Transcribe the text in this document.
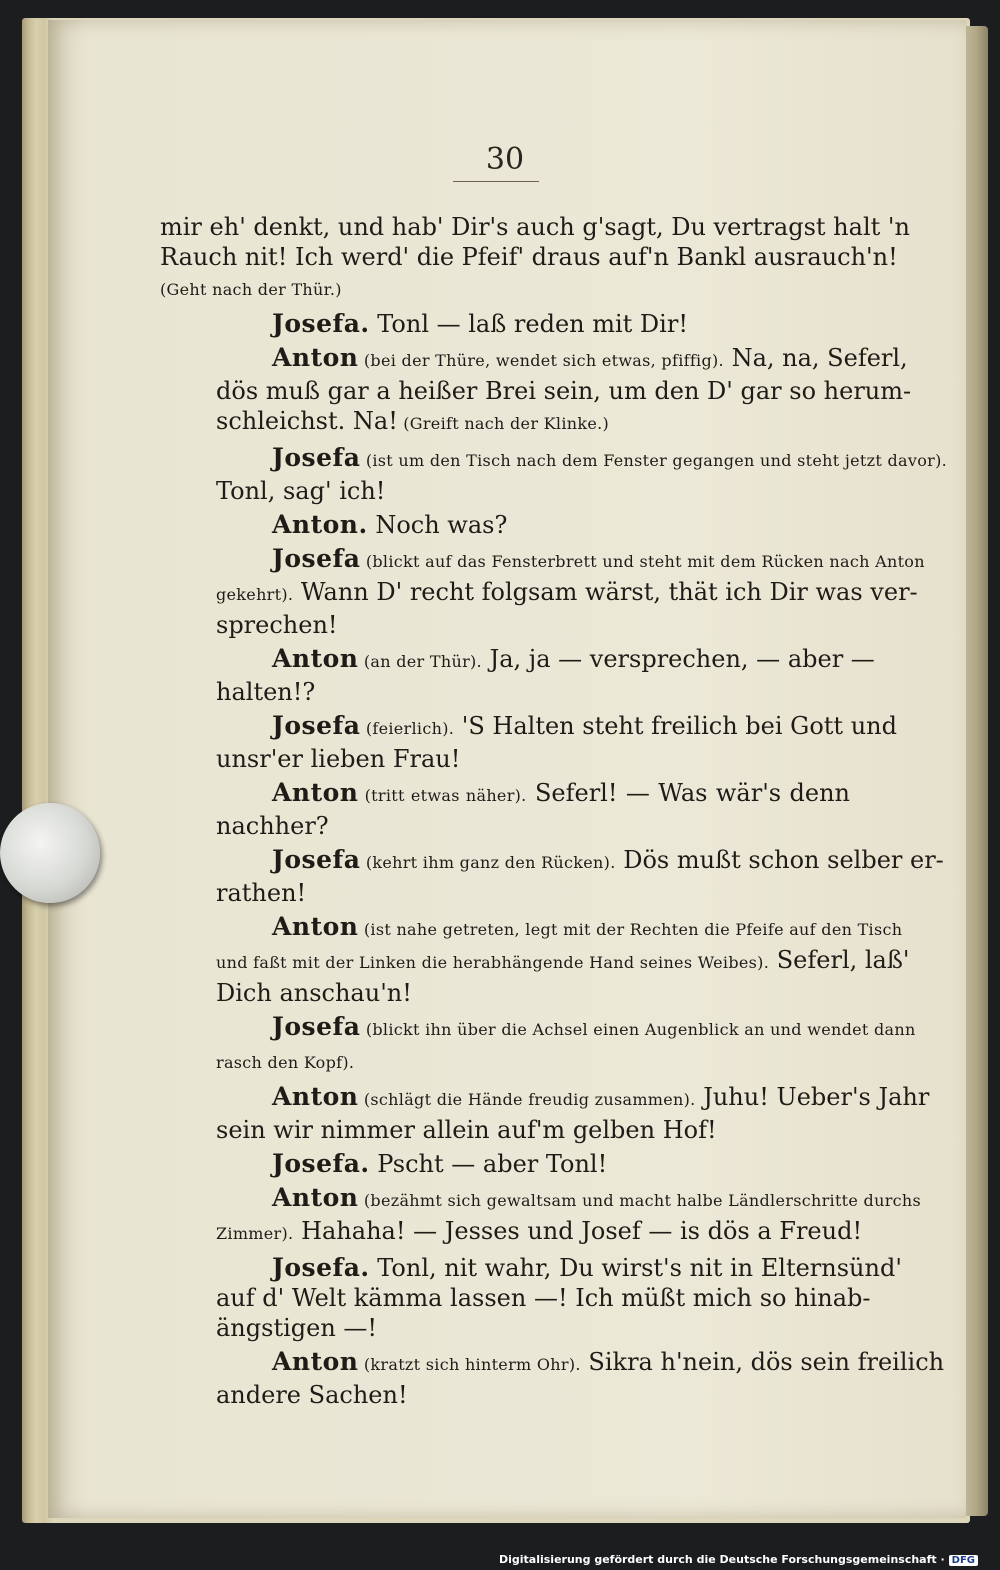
30
mir eh' denkt, und hab' Dir's auch g'sagt, Du vertragst halt 'n
Rauch nit! Ich werd' die Pfeif' draus auf'n Bankl ausrauch'n!
(Geht nach der Thür.)
Josefa. Tonl — laß reden mit Dir!
Anton (bei der Thüre, wendet sich etwas, pfiffig). Na, na, Seferl,
dös muß gar a heißer Brei sein, um den D' gar so herum-
schleichst. Na! (Greift nach der Klinke.)
Josefa (ist um den Tisch nach dem Fenster gegangen und steht jetzt davor).
Tonl, sag' ich!
Anton. Noch was?
Josefa (blickt auf das Fensterbrett und steht mit dem Rücken nach Anton
gekehrt). Wann D' recht folgsam wärst, thät ich Dir was ver-
sprechen!
Anton (an der Thür). Ja, ja — versprechen, — aber —
halten!?
Josefa (feierlich). 'S Halten steht freilich bei Gott und
unsr'er lieben Frau!
Anton (tritt etwas näher). Seferl! — Was wär's denn
nachher?
Josefa (kehrt ihm ganz den Rücken). Dös mußt schon selber er-
rathen!
Anton (ist nahe getreten, legt mit der Rechten die Pfeife auf den Tisch
und faßt mit der Linken die herabhängende Hand seines Weibes). Seferl, laß'
Dich anschau'n!
Josefa (blickt ihn über die Achsel einen Augenblick an und wendet dann
rasch den Kopf).
Anton (schlägt die Hände freudig zusammen). Juhu! Ueber's Jahr
sein wir nimmer allein auf'm gelben Hof!
Josefa. Pscht — aber Tonl!
Anton (bezähmt sich gewaltsam und macht halbe Ländlerschritte durchs
Zimmer). Hahaha! — Jesses und Josef — is dös a Freud!
Josefa. Tonl, nit wahr, Du wirst's nit in Elternsünd'
auf d' Welt kämma lassen —! Ich müßt mich so hinab-
ängstigen —!
Anton (kratzt sich hinterm Ohr). Sikra h'nein, dös sein freilich
andere Sachen!
Digitalisierung gefördert durch die Deutsche Forschungsgemeinschaft · DFG
